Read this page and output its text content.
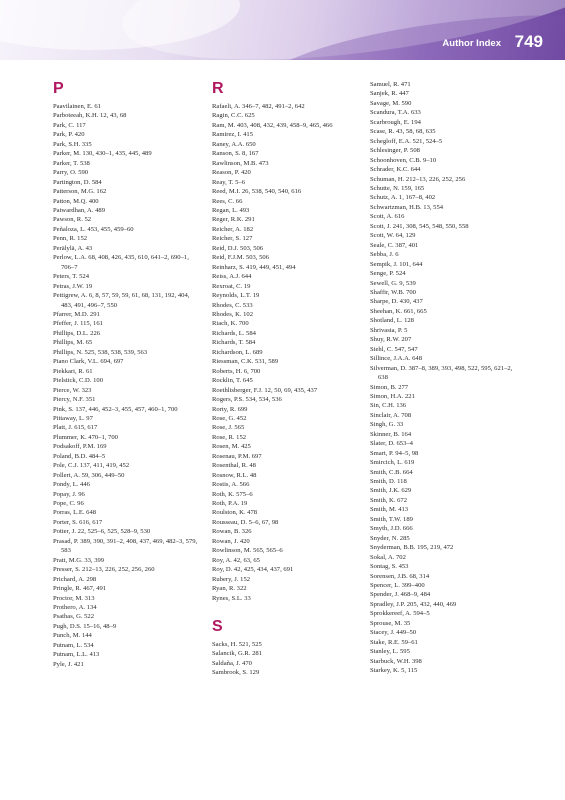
Author Index 749
P
Paavilainen, E. 61
Parboteeah, K.H. 12, 43, 68
Park, C. 117
Park, P. 420
Park, S.H. 335
Parker, M. 130, 430–1, 435, 445, 489
Parker, T. 538
Parry, O. 590
Partington, D. 584
Patterson, M.G. 162
Patton, M.Q. 400
Patwardhan, A. 489
Pawson, R. 52
Peñaloza, L. 453, 455, 459–60
Penn, R. 152
Perälylä, A. 43
Perlow, L.A. 68, 408, 426, 435, 610, 641–2, 690–1, 706–7
Peters, T. 524
Petras, J.W. 19
Pettigrew, A. 6, 8, 57, 59, 59, 61, 68, 131, 192, 404, 483, 491, 496–7, 550
Pfarrer, M.D. 291
Pfeffer, J. 115, 161
Phillips, D.L. 226
Phillips, M. 65
Phillips, N. 525, 538, 538, 539, 563
Piano Clark, V.L. 694, 697
Piekkari, R. 61
Pielstick, C.D. 100
Pierce, W. 323
Piercy, N.F. 351
Pink, S. 137, 446, 452–3, 455, 457, 460–1, 700
Pittaway, L. 97
Platt, J. 615, 617
Plummer, K. 470–1, 700
Podsakoff, P.M. 169
Poland, B.D. 484–5
Pole, C.J. 137, 411, 419, 452
Pollert, A. 59, 306, 449–50
Pondy, L. 446
Popay, J. 96
Pope, C. 96
Porras, L.E. 648
Porter, S. 616, 617
Potter, J. 22, 525–6, 525, 528–9, 530
Prasad, P. 389, 390, 391–2, 408, 437, 469, 482–3, 579, 583
Pratt, M.G. 33, 399
Presser, S. 212–13, 226, 252, 256, 260
Prichard, A. 298
Pringle, R. 467, 491
Proctor, M. 313
Prothero, A. 134
Psathas, G. 522
Pugh, D.S. 15–16, 48–9
Punch, M. 144
Putnam, L. 534
Putnam, L.L. 413
Pyle, J. 421
R
Rafaeli, A. 346–7, 482, 491–2, 642
Ragin, C.C. 625
Ram, M. 403, 408, 432, 439, 458–9, 465, 466
Ramirez, I. 415
Raney, A.A. 650
Ranson, S. 8, 167
Rawlinson, M.B. 473
Reason, P. 420
Reay, T. 5–6
Reed, M.I. 26, 538, 540, 540, 616
Rees, C. 66
Regan, L. 493
Reger, R.K. 291
Reicher, A. 182
Reicher, S. 127
Reid, D.J. 503, 506
Reid, F.J.M. 503, 506
Reinharz, S. 419, 449, 451, 494
Reiss, A.J. 644
Rexroat, C. 19
Reynolds, L.T. 19
Rhodes, C. 533
Rhodes, K. 102
Riach, K. 700
Richards, L. 584
Richards, T. 584
Richardson, L. 689
Riessman, C.K. 531, 589
Roberts, H. 6, 700
Rocklin, T. 645
Roethlisberger, F.J. 12, 50, 69, 435, 437
Rogers, P.S. 534, 534, 536
Rorty, R. 699
Rose, G. 452
Rose, J. 565
Rose, R. 152
Rosen, M. 425
Rosenau, P.M. 697
Rosenthal, R. 48
Rosnow, R.L. 48
Rostis, A. 566
Roth, K. 575–6
Roth, P.A. 19
Roulston, K. 478
Rousseau, D. 5–6, 67, 98
Rowan, B. 326
Rowan, J. 420
Rowlinson, M. 565, 565–6
Roy, A. 42, 63, 65
Roy, D. 42, 425, 434, 437, 691
Rubery, J. 152
Ryan, R. 322
Rynes, S.L. 33
S
Sacks, H. 521, 525
Salancik, G.R. 281
Saldaña, J. 470
Sambrook, S. 129
Samuel, R. 471
Sanjek, R. 447
Savage, M. 590
Scandura, T.A. 633
Scarbrough, E. 194
Scase, R. 43, 58, 68, 635
Schegloff, E.A. 521, 524–5
Schlesinger, P. 508
Schoonhoven, C.B. 9–10
Schrader, K.C. 644
Schuman, H. 212–13, 226, 252, 256
Schutte, N. 159, 165
Schutz, A. 1, 167–8, 402
Schwartzman, H.B. 13, 554
Scott, A. 616
Scott, J. 241, 308, 545, 548, 550, 558
Scott, W. 64, 129
Seale, C. 387, 401
Sebba, J. 6
Sempik, J. 101, 644
Senge, P. 524
Sewell, G. 9, 539
Shaffir, W.B. 700
Sharpe, D. 430, 437
Sheehan, K. 661, 665
Shotland, L. 128
Shrivasta, P. 5
Shuy, R.W. 207
Siehl, C. 547, 547
Sillince, J.A.A. 648
Silverman, D. 387–8, 389, 393, 498, 522, 595, 621–2, 638
Simon, B. 277
Simon, H.A. 221
Sin, C.H. 136
Sinclair, A. 708
Singh, G. 33
Skinner, B. 164
Slater, D. 653–4
Smart, P. 94–5, 98
Smircich, L. 619
Smith, C.B. 664
Smith, D. 118
Smith, J.K. 629
Smith, K. 672
Smith, M. 413
Smith, T.W. 189
Smyth, J.D. 666
Snyder, N. 285
Snyderman, B.B. 195, 219, 472
Sokal, A. 702
Sontag, S. 453
Sorensen, J.B. 68, 314
Spencer, L. 399–400
Spender, J. 468–9, 484
Spradley, J.P. 205, 432, 440, 469
Sprokkereef, A. 594–5
Sprouse, M. 35
Stacey, J. 449–50
Stake, R.E. 59–61
Stanley, L. 595
Starbuck, W.H. 398
Starkey, K. 5, 115
